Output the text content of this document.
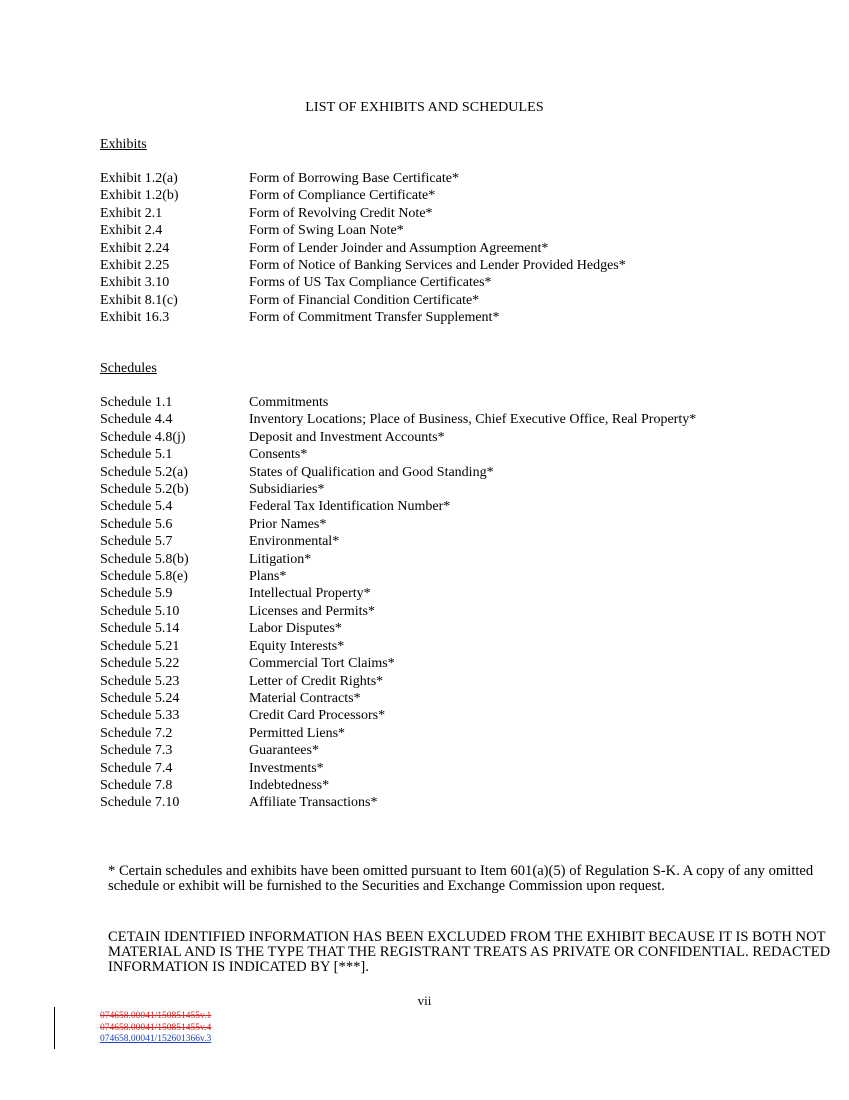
LIST OF EXHIBITS AND SCHEDULES
Exhibits
Exhibit 1.2(a)	Form of Borrowing Base Certificate*
Exhibit 1.2(b)	Form of Compliance Certificate*
Exhibit 2.1	Form of Revolving Credit Note*
Exhibit 2.4	Form of Swing Loan Note*
Exhibit 2.24	Form of Lender Joinder and Assumption Agreement*
Exhibit 2.25	Form of Notice of Banking Services and Lender Provided Hedges*
Exhibit 3.10	Forms of US Tax Compliance Certificates*
Exhibit 8.1(c)	Form of Financial Condition Certificate*
Exhibit 16.3	Form of Commitment Transfer Supplement*
Schedules
Schedule 1.1	Commitments
Schedule 4.4	Inventory Locations; Place of Business, Chief Executive Office, Real Property*
Schedule 4.8(j)	Deposit and Investment Accounts*
Schedule 5.1	Consents*
Schedule 5.2(a)	States of Qualification and Good Standing*
Schedule 5.2(b)	Subsidiaries*
Schedule 5.4	Federal Tax Identification Number*
Schedule 5.6	Prior Names*
Schedule 5.7	Environmental*
Schedule 5.8(b)	Litigation*
Schedule 5.8(e)	Plans*
Schedule 5.9	Intellectual Property*
Schedule 5.10	Licenses and Permits*
Schedule 5.14	Labor Disputes*
Schedule 5.21	Equity Interests*
Schedule 5.22	Commercial Tort Claims*
Schedule 5.23	Letter of Credit Rights*
Schedule 5.24	Material Contracts*
Schedule 5.33	Credit Card Processors*
Schedule 7.2	Permitted Liens*
Schedule 7.3	Guarantees*
Schedule 7.4	Investments*
Schedule 7.8	Indebtedness*
Schedule 7.10	Affiliate Transactions*
* Certain schedules and exhibits have been omitted pursuant to Item 601(a)(5) of Regulation S-K. A copy of any omitted schedule or exhibit will be furnished to the Securities and Exchange Commission upon request.
CETAIN IDENTIFIED INFORMATION HAS BEEN EXCLUDED FROM THE EXHIBIT BECAUSE IT IS BOTH NOT MATERIAL AND IS THE TYPE THAT THE REGISTRANT TREATS AS PRIVATE OR CONFIDENTIAL. REDACTED INFORMATION IS INDICATED BY [***].
vii
074658.00041/150851455v.1
074658.00041/150851455v.4
074658.00041/152601366v.3
